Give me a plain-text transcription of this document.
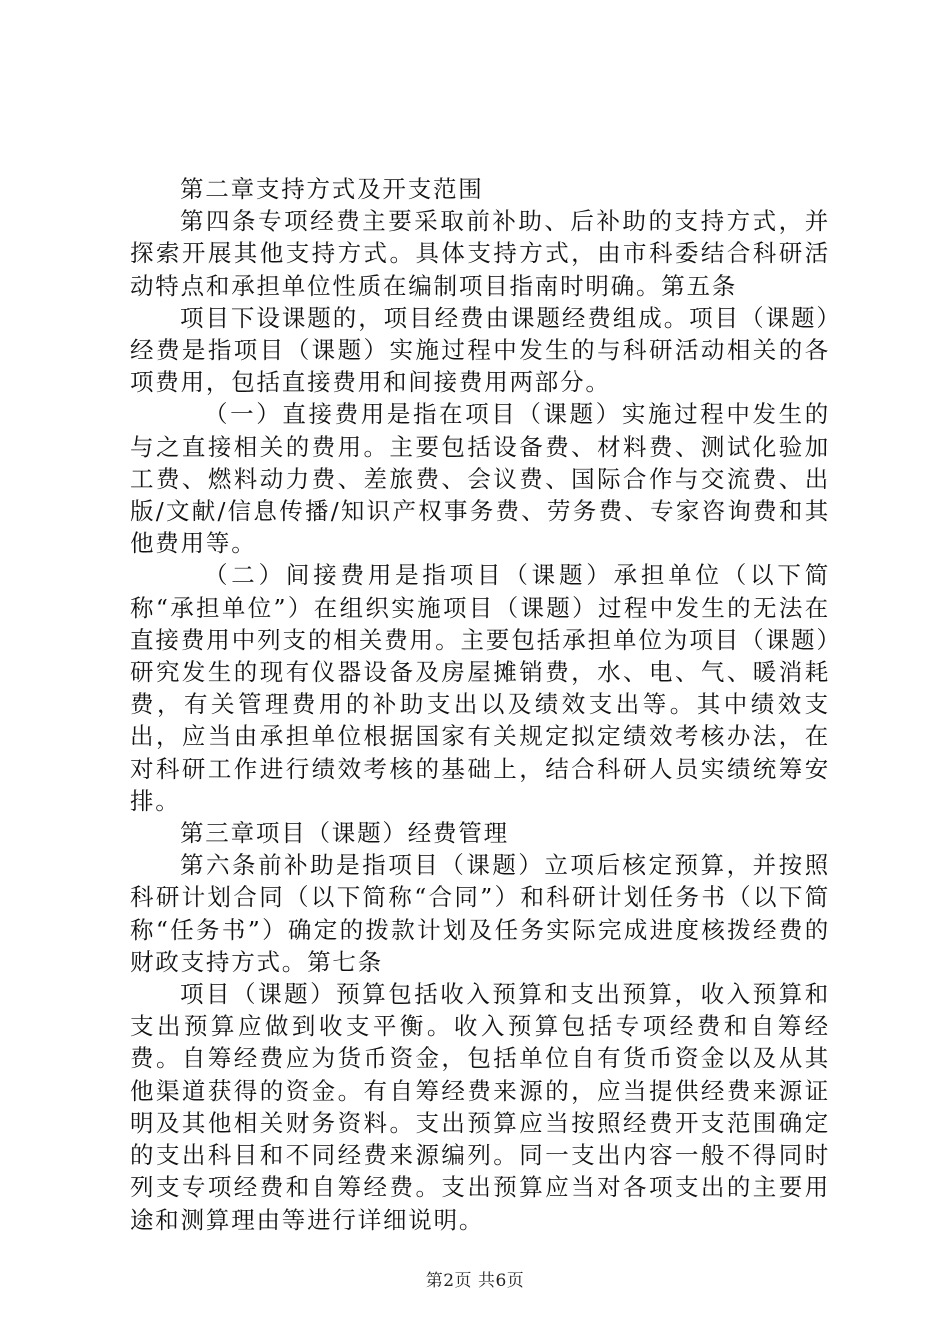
第二章支持方式及开支范围

第四条专项经费主要采取前补助、后补助的支持方式，并探索开展其他支持方式。具体支持方式，由市科委结合科研活动特点和承担单位性质在编制项目指南时明确。第五条

项目下设课题的，项目经费由课题经费组成。项目（课题）经费是指项目（课题）实施过程中发生的与科研活动相关的各项费用，包括直接费用和间接费用两部分。

（一）直接费用是指在项目（课题）实施过程中发生的与之直接相关的费用。主要包括设备费、材料费、测试化验加工费、燃料动力费、差旅费、会议费、国际合作与交流费、出版/文献/信息传播/知识产权事务费、劳务费、专家咨询费和其他费用等。

（二）间接费用是指项目（课题）承担单位（以下简称“承担单位”）在组织实施项目（课题）过程中发生的无法在直接费用中列支的相关费用。主要包括承担单位为项目（课题）研究发生的现有仪器设备及房屋摊销费，水、电、气、暖消耗费，有关管理费用的补助支出以及绩效支出等。其中绩效支出，应当由承担单位根据国家有关规定拟定绩效考核办法，在对科研工作进行绩效考核的基础上，结合科研人员实绩统筹安排。

第三章项目（课题）经费管理

第六条前补助是指项目（课题）立项后核定预算，并按照科研计划合同（以下简称“合同”）和科研计划任务书（以下简称“任务书”）确定的拨款计划及任务实际完成进度核拨经费的财政支持方式。第七条

项目（课题）预算包括收入预算和支出预算，收入预算和支出预算应做到收支平衡。收入预算包括专项经费和自筹经费。自筹经费应为货币资金，包括单位自有货币资金以及从其他渠道获得的资金。有自筹经费来源的，应当提供经费来源证明及其他相关财务资料。支出预算应当按照经费开支范围确定的支出科目和不同经费来源编列。同一支出内容一般不得同时列支专项经费和自筹经费。支出预算应当对各项支出的主要用途和测算理由等进行详细说明。

第2页 共6页
